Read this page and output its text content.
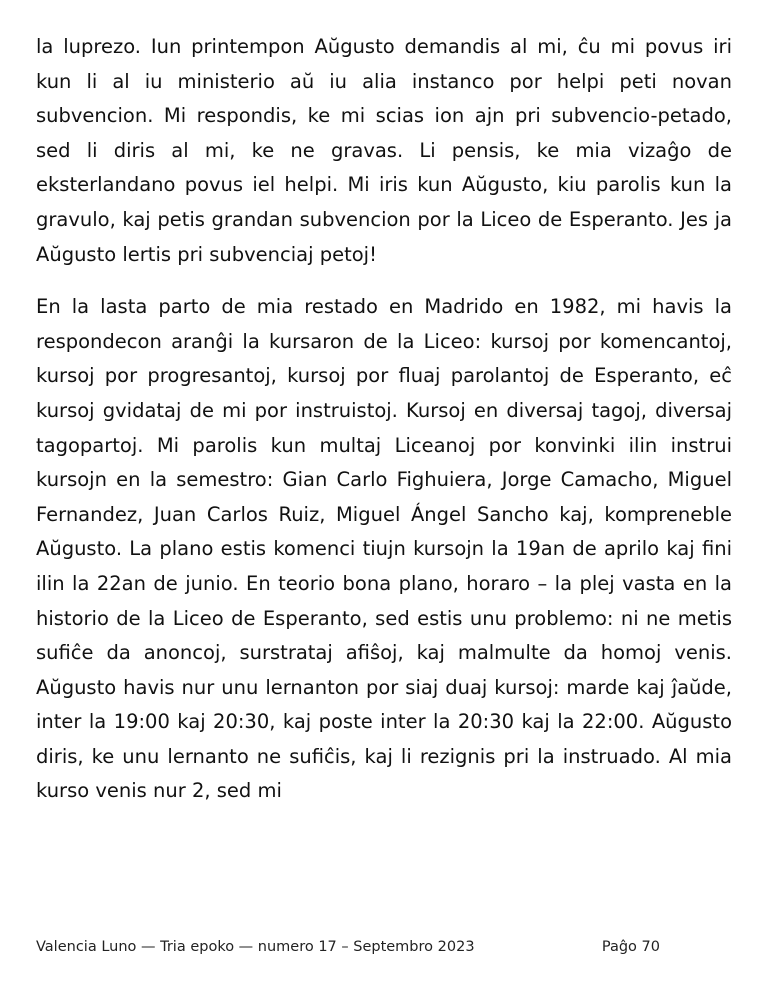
la luprezo. Iun printempon Aŭgusto demandis al mi, ĉu mi povus iri kun li al iu ministerio aŭ iu alia instanco por helpi peti novan subvencion. Mi respondis, ke mi scias ion ajn pri subvencio-petado, sed li diris al mi, ke ne gravas. Li pensis, ke mia vizaĝo de eksterlandano povus iel helpi. Mi iris kun Aŭgusto, kiu parolis kun la gravulo, kaj petis grandan subvencion por la Liceo de Esperanto. Jes ja Aŭgusto lertis pri subvenciaj petoj!

En la lasta parto de mia restado en Madrido en 1982, mi havis la respondecon aranĝi la kursaron de la Liceo: kursoj por komencantoj, kursoj por progresantoj, kursoj por fluaj parolantoj de Esperanto, eĉ kursoj gvidataj de mi por instruistoj. Kursoj en diversaj tagoj, diversaj tagopartoj. Mi parolis kun multaj Liceanoj por konvinki ilin instrui kursojn en la semestro: Gian Carlo Fighuiera, Jorge Camacho, Miguel Fernandez, Juan Carlos Ruiz, Miguel Ángel Sancho kaj, kompreneble Aŭgusto. La plano estis komenci tiujn kursojn la 19an de aprilo kaj fini ilin la 22an de junio. En teorio bona plano, horaro – la plej vasta en la historio de la Liceo de Esperanto, sed estis unu problemo: ni ne metis sufiĉe da anoncoj, surstrataj afiŝoj, kaj malmulte da homoj venis. Aŭgusto havis nur unu lernanton por siaj duaj kursoj: marde kaj ĵaŭde, inter la 19:00 kaj 20:30, kaj poste inter la 20:30 kaj la 22:00. Aŭgusto diris, ke unu lernanto ne sufiĉis, kaj li rezignis pri la instruado. Al mia kurso venis nur 2, sed mi

Valencia Luno — Tria epoko — numero 17 – Septembro 2023	Paĝo 70
